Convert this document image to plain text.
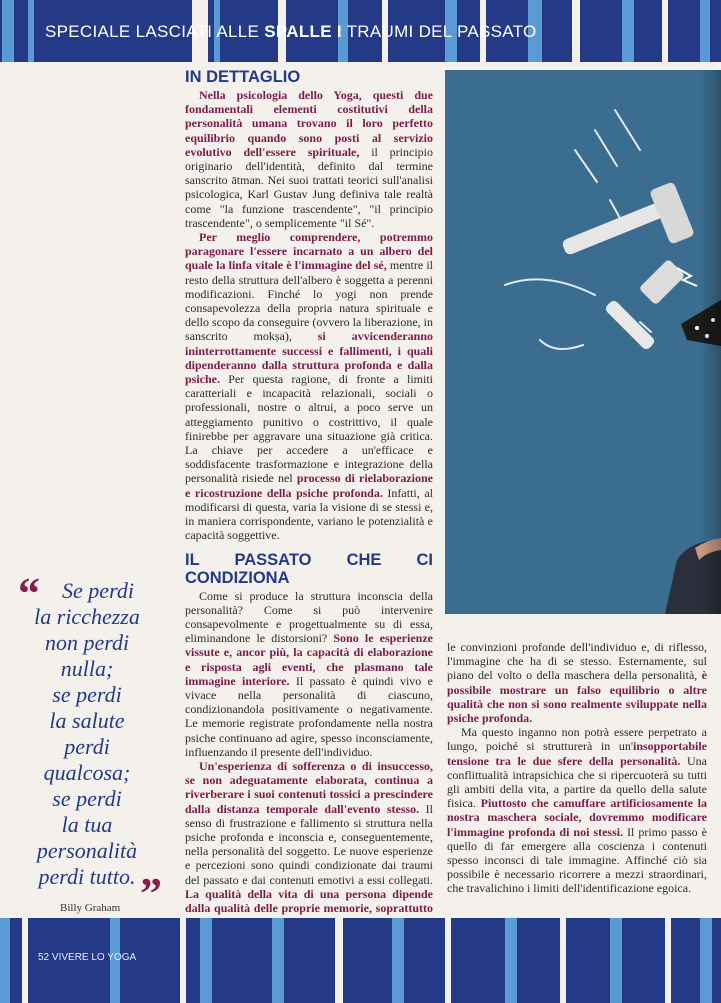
SPECIALE LASCIATI ALLE SPALLE I TRAUMI DEL PASSATO
IN DETTAGLIO

Nella psicologia dello Yoga, questi due fondamentali elementi costitutivi della personalità umana trovano il loro perfetto equilibrio quando sono posti al servizio evolutivo dell'essere spirituale, il principio originario dell'identità, definito dal termine sanscrito ātman. Nei suoi trattati teorici sull'analisi psicologica, Karl Gustav Jung definiva tale realtà come "la funzione trascendente", "il principio trascendente", o semplicemente "il Sé".

Per meglio comprendere, potremmo paragonare l'essere incarnato a un albero del quale la linfa vitale è l'immagine del sé, mentre il resto della struttura dell'albero è soggetta a perenni modificazioni. Finché lo yogi non prende consapevolezza della propria natura spirituale e dello scopo da conseguire (ovvero la liberazione, in sanscrito mokṣa), si avvicenderanno ininterrottamente successi e fallimenti, i quali dipenderanno dalla struttura profonda e dalla psiche. Per questa ragione, di fronte a limiti caratteriali e incapacità relazionali, sociali o professionali, nostre o altrui, a poco serve un atteggiamento punitivo o costrittivo, il quale finirebbe per aggravare una situazione già critica. La chiave per accedere a un'efficace e soddisfacente trasformazione e integrazione della personalità risiede nel processo di rielaborazione e ricostruzione della psiche profonda. Infatti, al modificarsi di questa, varia la visione di se stessi e, in maniera corrispondente, variano le potenzialità e capacità soggettive.

IL PASSATO CHE CI CONDIZIONA

Come si produce la struttura inconscia della personalità? Come si può intervenire consapevolmente e progettualmente su di essa, eliminandone le distorsioni? Sono le esperienze vissute e, ancor più, la capacità di elaborazione e risposta agli eventi, che plasmano tale immagine interiore. Il passato è quindi vivo e vivace nella personalità di ciascuno, condizionandola positivamente o negativamente. Le memorie registrate profondamente nella nostra psiche continuano ad agire, spesso inconsciamente, influenzando il presente dell'individuo.

Un'esperienza di sofferenza o di insuccesso, se non adeguatamente elaborata, continua a riverberare i suoi contenuti tossici a prescindere dalla distanza temporale dall'evento stesso. Il senso di frustrazione e fallimento si struttura nella psiche profonda e inconscia e, conseguentemente, nella personalità del soggetto. Le nuove esperienze e percezioni sono quindi condizionate dai traumi del passato e dai contenuti emotivi a essi collegati. La qualità della vita di una persona dipende dalla qualità delle proprie memorie, soprattutto

le convinzioni profonde dell'individuo e, di riflesso, l'immagine che ha di se stesso. Esternamente, sul piano del volto o della maschera della personalità, è possibile mostrare un falso equilibrio o altre qualità che non si sono realmente sviluppate nella psiche profonda.

Ma questo inganno non potrà essere perpetrato a lungo, poiché si strutturerà in un'insopportabile tensione tra le due sfere della personalità. Una conflittualità intrapsichica che si ripercuoterà su tutti gli ambiti della vita, a partire da quello della salute fisica. Piuttosto che camuffare artificiosamente la nostra maschera sociale, dovremmo modificare l'immagine profonda di noi stessi. Il primo passo è quello di far emergere alla coscienza i contenuti spesso inconsci di tale immagine. Affinché ciò sia possibile è necessario ricorrere a mezzi straordinari, che travalichino i limiti dell'identificazione egoica.

“	Se perdi
la ricchezza
non perdi
nulla;
se perdi
la salute
perdi
qualcosa;
se perdi
la tua
personalità
perdi tutto. ”
Billy Graham
52 VIVERE LO YOGA
